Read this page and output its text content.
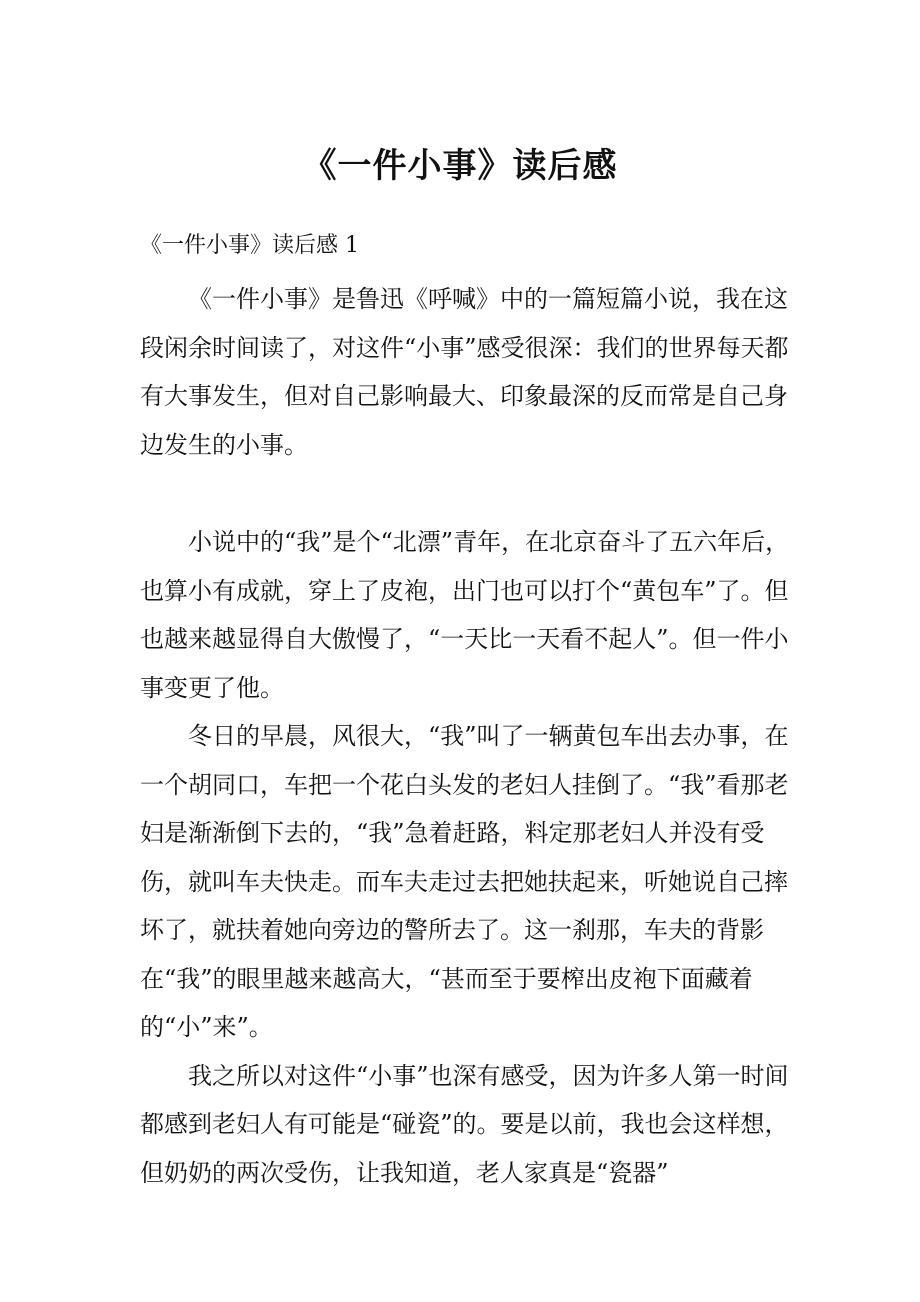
《一件小事》读后感
《一件小事》读后感 1

《一件小事》是鲁迅《呼喊》中的一篇短篇小说，我在这段闲余时间读了，对这件“小事”感受很深：我们的世界每天都有大事发生，但对自己影响最大、印象最深的反而常是自己身边发生的小事。

小说中的“我”是个“北漂”青年，在北京奋斗了五六年后，也算小有成就，穿上了皮袍，出门也可以打个“黄包车”了。但也越来越显得自大傲慢了，“一天比一天看不起人”。但一件小事变更了他。

冬日的早晨，风很大，“我”叫了一辆黄包车出去办事，在一个胡同口，车把一个花白头发的老妇人挂倒了。“我”看那老妇是渐渐倒下去的，“我”急着赶路，料定那老妇人并没有受伤，就叫车夫快走。而车夫走过去把她扶起来，听她说自己摔坏了，就扶着她向旁边的警所去了。这一刹那，车夫的背影在“我”的眼里越来越高大，“甚而至于要榨出皮袍下面藏着的“小”来”。

我之所以对这件“小事”也深有感受，因为许多人第一时间都感到老妇人有可能是“碰瓷”的。要是以前，我也会这样想，但奶奶的两次受伤，让我知道，老人家真是“瓷器”
